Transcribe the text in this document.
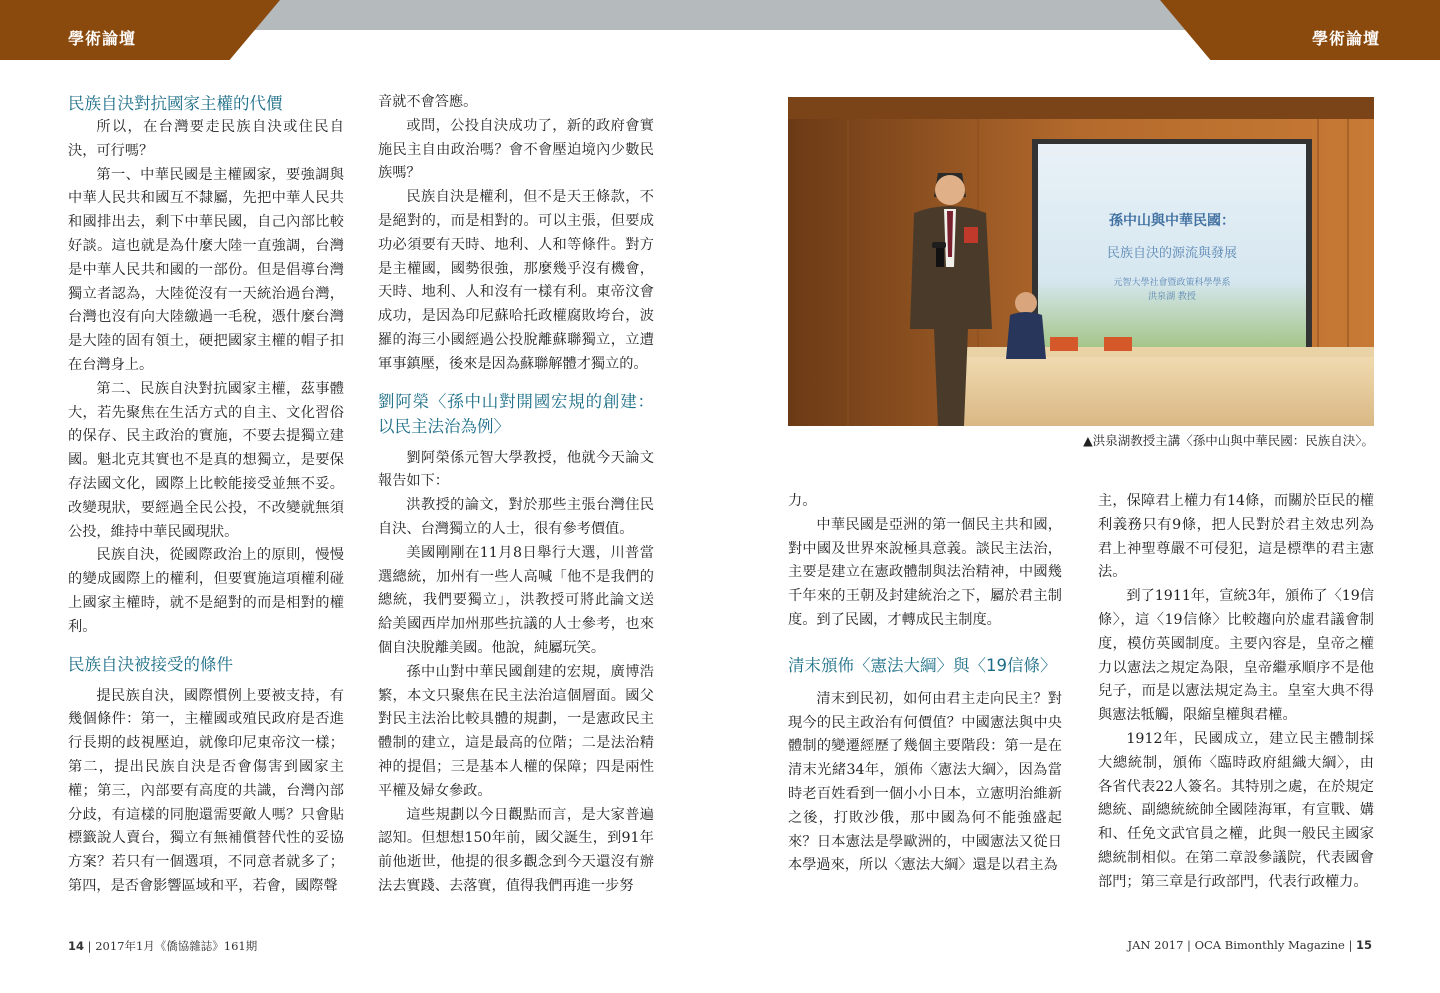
學術論壇	學術論壇
民族自決對抗國家主權的代價

所以，在台灣要走民族自決或住民自決，可行嗎？

第一、中華民國是主權國家，要強調與中華人民共和國互不隸屬，先把中華人民共和國排出去，剩下中華民國，自己內部比較好談。這也就是為什麼大陸一直強調，台灣是中華人民共和國的一部份。但是倡導台灣獨立者認為，大陸從沒有一天統治過台灣，台灣也沒有向大陸繳過一毛稅，憑什麼台灣是大陸的固有領土，硬把國家主權的帽子扣在台灣身上。

第二、民族自決對抗國家主權，茲事體大，若先聚焦在生活方式的自主、文化習俗的保存、民主政治的實施，不要去提獨立建國。魁北克其實也不是真的想獨立，是要保存法國文化，國際上比較能接受並無不妥。改變現狀，要經過全民公投，不改變就無須公投，維持中華民國現狀。

民族自決，從國際政治上的原則，慢慢的變成國際上的權利，但要實施這項權利碰上國家主權時，就不是絕對的而是相對的權利。

民族自決被接受的條件

提民族自決，國際慣例上要被支持，有幾個條件：第一，主權國或殖民政府是否進行長期的歧視壓迫，就像印尼東帝汶一樣；第二，提出民族自決是否會傷害到國家主權；第三，內部要有高度的共識，台灣內部分歧，有這樣的同胞還需要敵人嗎？只會貼標籤說人賣台，獨立有無補償替代性的妥協方案？若只有一個選項，不同意者就多了；第四，是否會影響區域和平，若會，國際聲

音就不會答應。

或問，公投自決成功了，新的政府會實施民主自由政治嗎？會不會壓迫境內少數民族嗎？

民族自決是權利，但不是天王條款，不是絕對的，而是相對的。可以主張，但要成功必須要有天時、地利、人和等條件。對方是主權國，國勢很強，那麼幾乎沒有機會，天時、地利、人和沒有一樣有利。東帝汶會成功，是因為印尼蘇哈托政權腐敗垮台，波羅的海三小國經過公投脫離蘇聯獨立，立遭軍事鎮壓，後來是因為蘇聯解體才獨立的。

劉阿榮〈孫中山對開國宏規的創建：以民主法治為例〉

劉阿榮係元智大學教授，他就今天論文報告如下：

洪教授的論文，對於那些主張台灣住民自決、台灣獨立的人士，很有參考價值。

美國剛剛在11月8日舉行大選，川普當選總統，加州有一些人高喊「他不是我們的總統，我們要獨立」，洪教授可將此論文送給美國西岸加州那些抗議的人士參考，也來個自決脫離美國。他說，純屬玩笑。

孫中山對中華民國創建的宏規，廣博浩繁，本文只聚焦在民主法治這個層面。國父對民主法治比較具體的規劃，一是憲政民主體制的建立，這是最高的位階；二是法治精神的提倡；三是基本人權的保障；四是兩性平權及婦女參政。

這些規劃以今日觀點而言，是大家普遍認知。但想想150年前，國父誕生，到91年前他逝世，他提的很多觀念到今天還沒有辦法去實踐、去落實，值得我們再進一步努

孫中山與中華民國：
民族自決的源流與發展
元智大學社會暨政策科學學系
洪泉湖 教授
▲洪泉湖教授主講〈孫中山與中華民國：民族自決〉。

力。

中華民國是亞洲的第一個民主共和國，對中國及世界來說極具意義。談民主法治，主要是建立在憲政體制與法治精神，中國幾千年來的王朝及封建統治之下，屬於君主制度。到了民國，才轉成民主制度。

清末頒佈〈憲法大綱〉與〈19信條〉

清末到民初，如何由君主走向民主？對現今的民主政治有何價值？中國憲法與中央體制的變遷經歷了幾個主要階段：第一是在清末光緒34年，頒佈〈憲法大綱〉，因為當時老百姓看到一個小小日本，立憲明治維新之後，打敗沙俄，那中國為何不能強盛起來？日本憲法是學歐洲的，中國憲法又從日本學過來，所以〈憲法大綱〉還是以君主為

主，保障君上權力有14條，而關於臣民的權利義務只有9條，把人民對於君主效忠列為君上神聖尊嚴不可侵犯，這是標準的君主憲法。

到了1911年，宣統3年，頒佈了〈19信條〉，這〈19信條〉比較趨向於虛君議會制度，模仿英國制度。主要內容是，皇帝之權力以憲法之規定為限，皇帝繼承順序不是他兒子，而是以憲法規定為主。皇室大典不得與憲法牴觸，限縮皇權與君權。

1912年，民國成立，建立民主體制採大總統制，頒佈〈臨時政府組織大綱〉，由各省代表22人簽名。其特別之處，在於規定總統、副總統統帥全國陸海軍，有宣戰、媾和、任免文武官員之權，此與一般民主國家總統制相似。在第二章設參議院，代表國會部門；第三章是行政部門，代表行政權力。

14 | 2017年1月《僑協雜誌》161期	JAN 2017 | OCA Bimonthly Magazine | 15
